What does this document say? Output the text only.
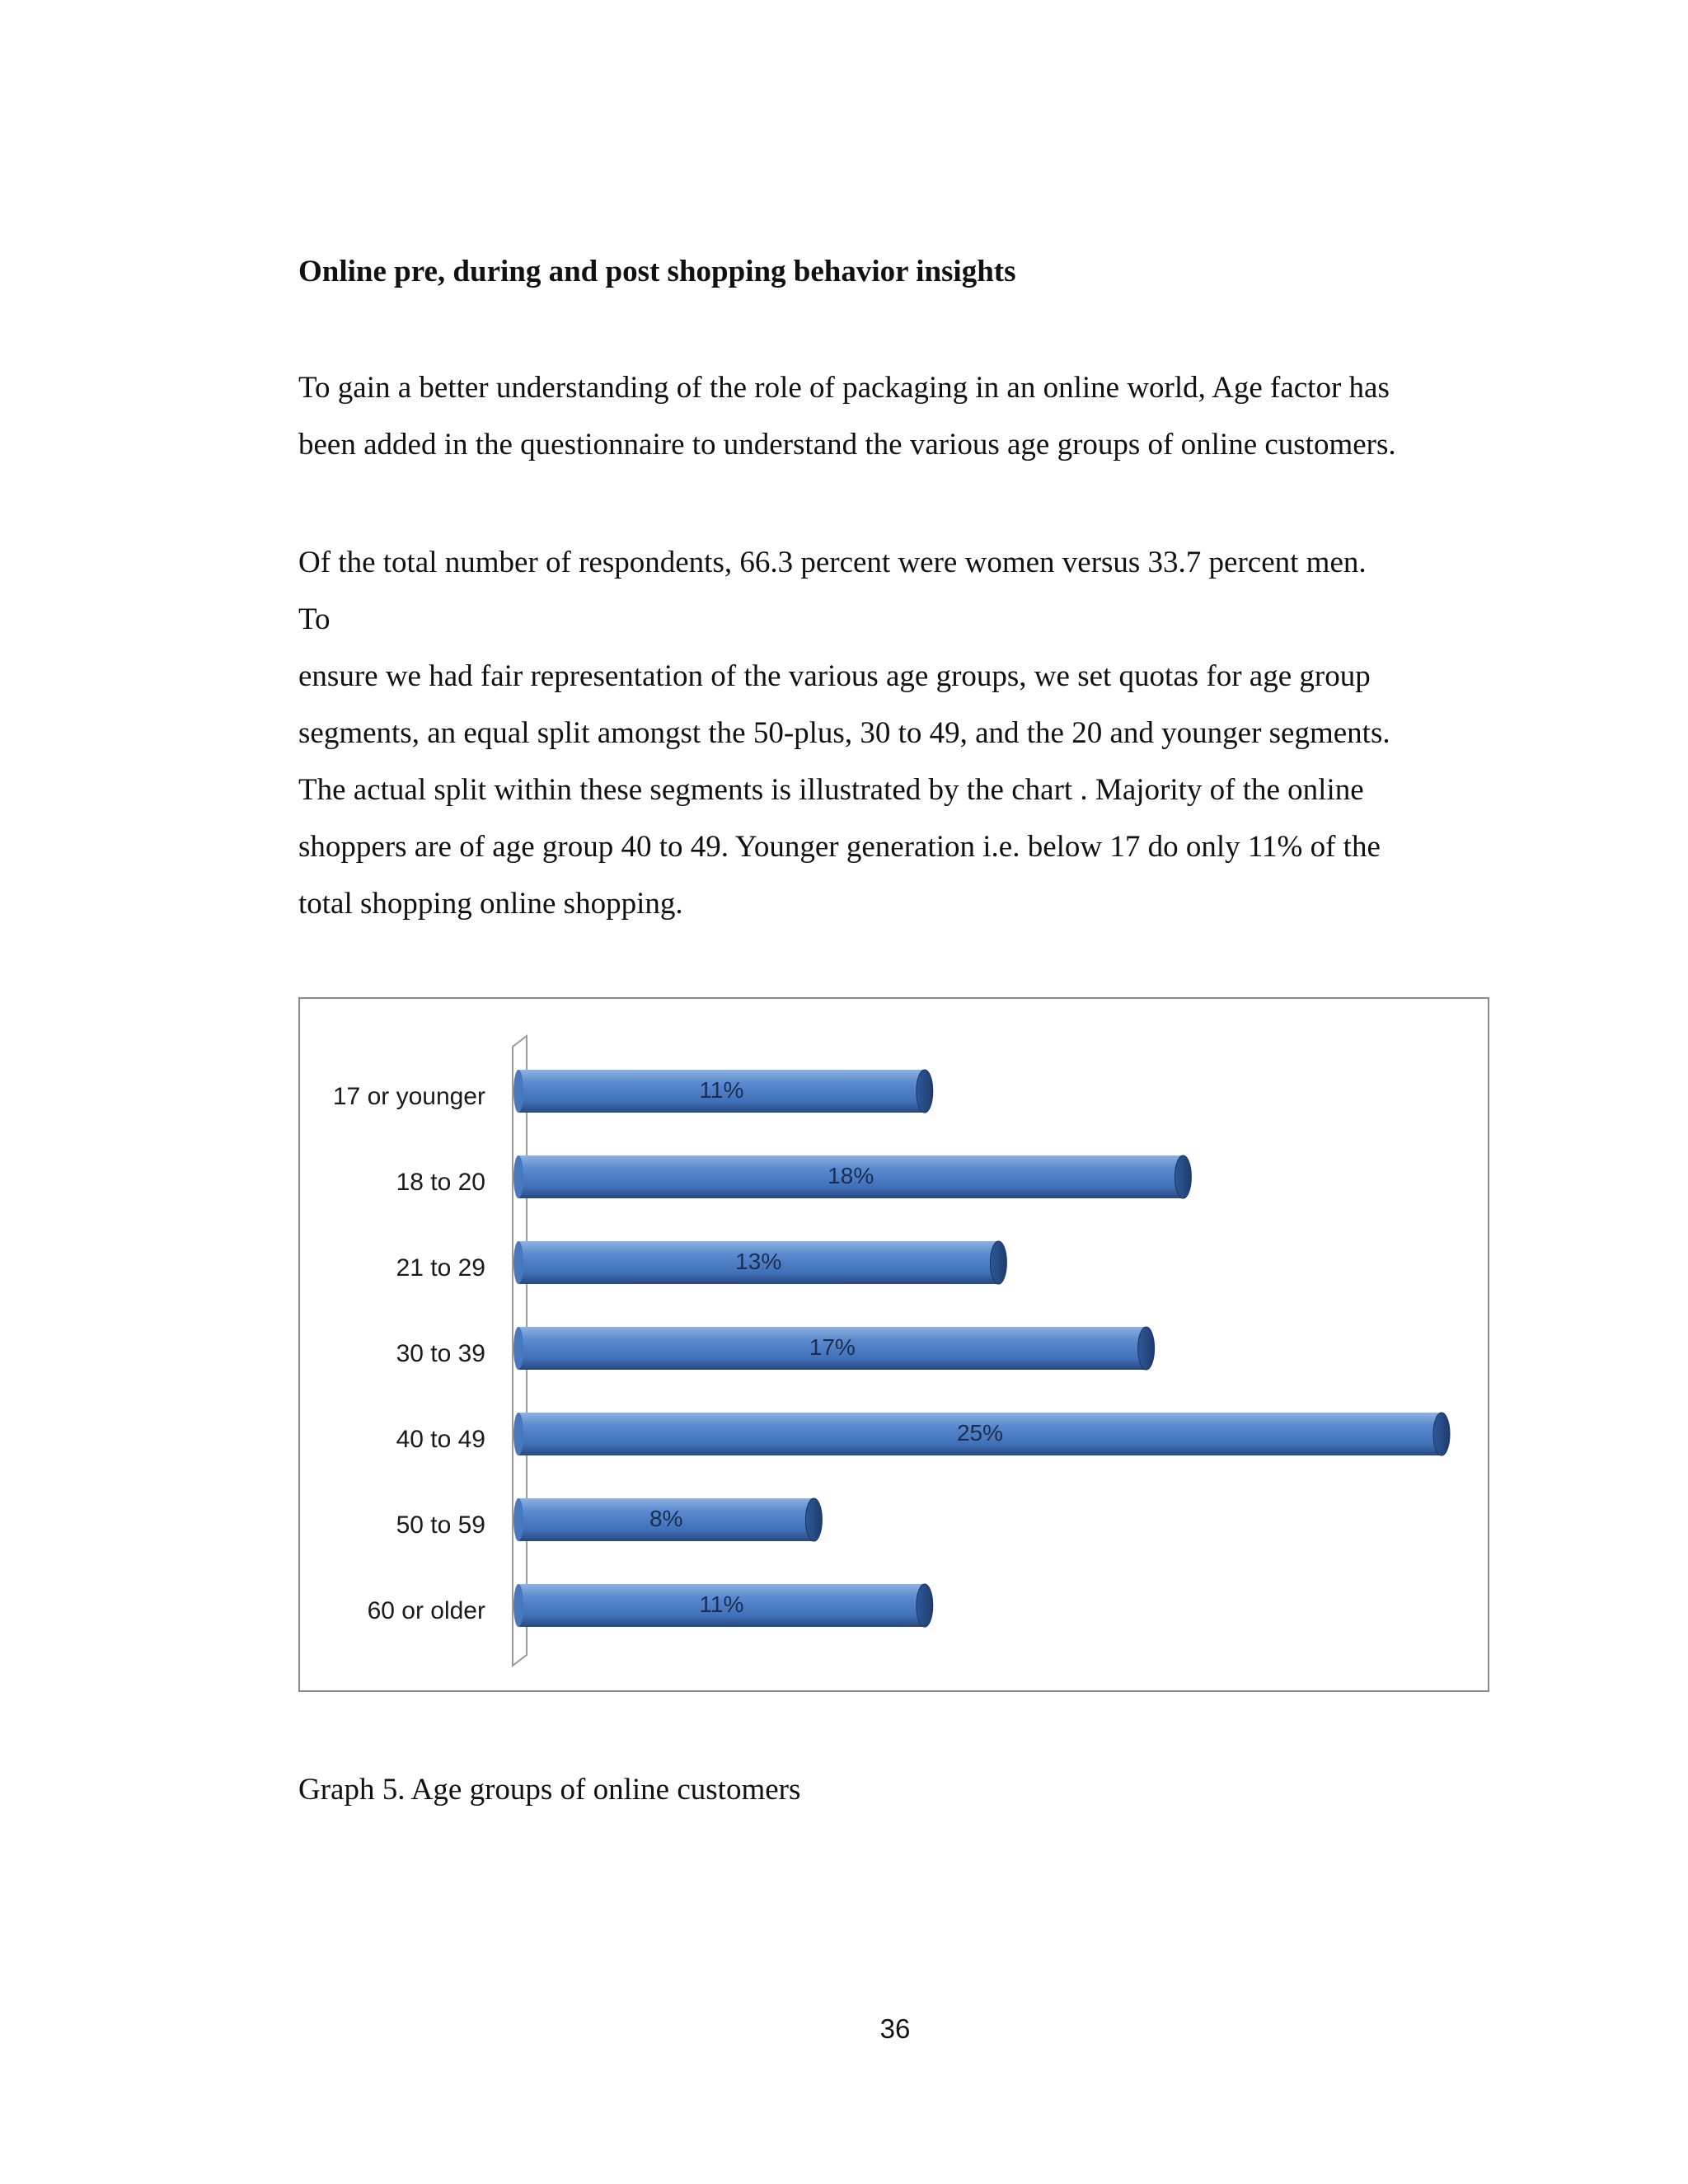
Online pre, during and post shopping behavior insights

To gain a better understanding of the role of packaging in an online world, Age factor has
been added in the questionnaire to understand the various age groups of online customers.

Of the total number of respondents, 66.3 percent were women versus 33.7 percent men.
To
ensure we had fair representation of the various age groups, we set quotas for age group
segments, an equal split amongst the 50-plus, 30 to 49, and the 20 and younger segments.
The actual split within these segments is illustrated by the chart . Majority of the online
shoppers are of age group 40 to 49. Younger generation i.e. below 17 do only 11% of the
total shopping online shopping.

17 or younger	11%
18 to 20	18%
21 to 29	13%
30 to 39	17%
40 to 49	25%
50 to 59	8%
60 or older	11%

Graph 5. Age groups of online customers

36
